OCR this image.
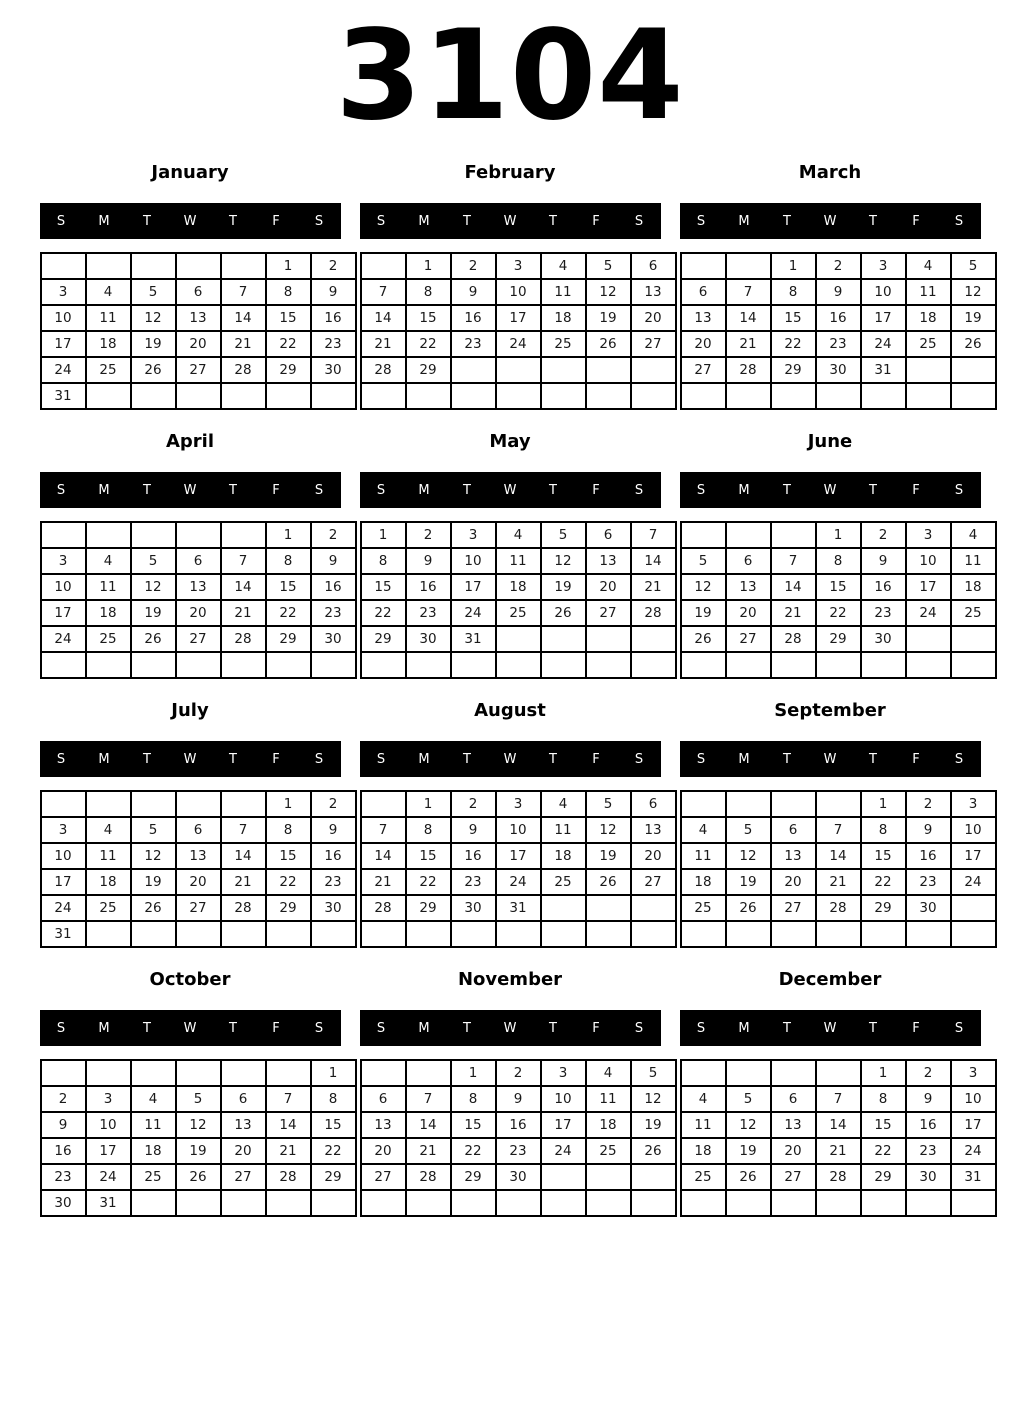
3104
January
S	M	T	W	T	F	S
					1	2
3	4	5	6	7	8	9
10	11	12	13	14	15	16
17	18	19	20	21	22	23
24	25	26	27	28	29	30
31						
February
S	M	T	W	T	F	S
	1	2	3	4	5	6
7	8	9	10	11	12	13
14	15	16	17	18	19	20
21	22	23	24	25	26	27
28	29					

March
S	M	T	W	T	F	S
		1	2	3	4	5
6	7	8	9	10	11	12
13	14	15	16	17	18	19
20	21	22	23	24	25	26
27	28	29	30	31		

April
S	M	T	W	T	F	S
					1	2
3	4	5	6	7	8	9
10	11	12	13	14	15	16
17	18	19	20	21	22	23
24	25	26	27	28	29	30

May
S	M	T	W	T	F	S
1	2	3	4	5	6	7
8	9	10	11	12	13	14
15	16	17	18	19	20	21
22	23	24	25	26	27	28
29	30	31				

June
S	M	T	W	T	F	S
			1	2	3	4
5	6	7	8	9	10	11
12	13	14	15	16	17	18
19	20	21	22	23	24	25
26	27	28	29	30		

July
S	M	T	W	T	F	S
					1	2
3	4	5	6	7	8	9
10	11	12	13	14	15	16
17	18	19	20	21	22	23
24	25	26	27	28	29	30
31						
August
S	M	T	W	T	F	S
	1	2	3	4	5	6
7	8	9	10	11	12	13
14	15	16	17	18	19	20
21	22	23	24	25	26	27
28	29	30	31			

September
S	M	T	W	T	F	S
				1	2	3
4	5	6	7	8	9	10
11	12	13	14	15	16	17
18	19	20	21	22	23	24
25	26	27	28	29	30	

October
S	M	T	W	T	F	S
						1
2	3	4	5	6	7	8
9	10	11	12	13	14	15
16	17	18	19	20	21	22
23	24	25	26	27	28	29
30	31					
November
S	M	T	W	T	F	S
		1	2	3	4	5
6	7	8	9	10	11	12
13	14	15	16	17	18	19
20	21	22	23	24	25	26
27	28	29	30			

December
S	M	T	W	T	F	S
				1	2	3
4	5	6	7	8	9	10
11	12	13	14	15	16	17
18	19	20	21	22	23	24
25	26	27	28	29	30	31
